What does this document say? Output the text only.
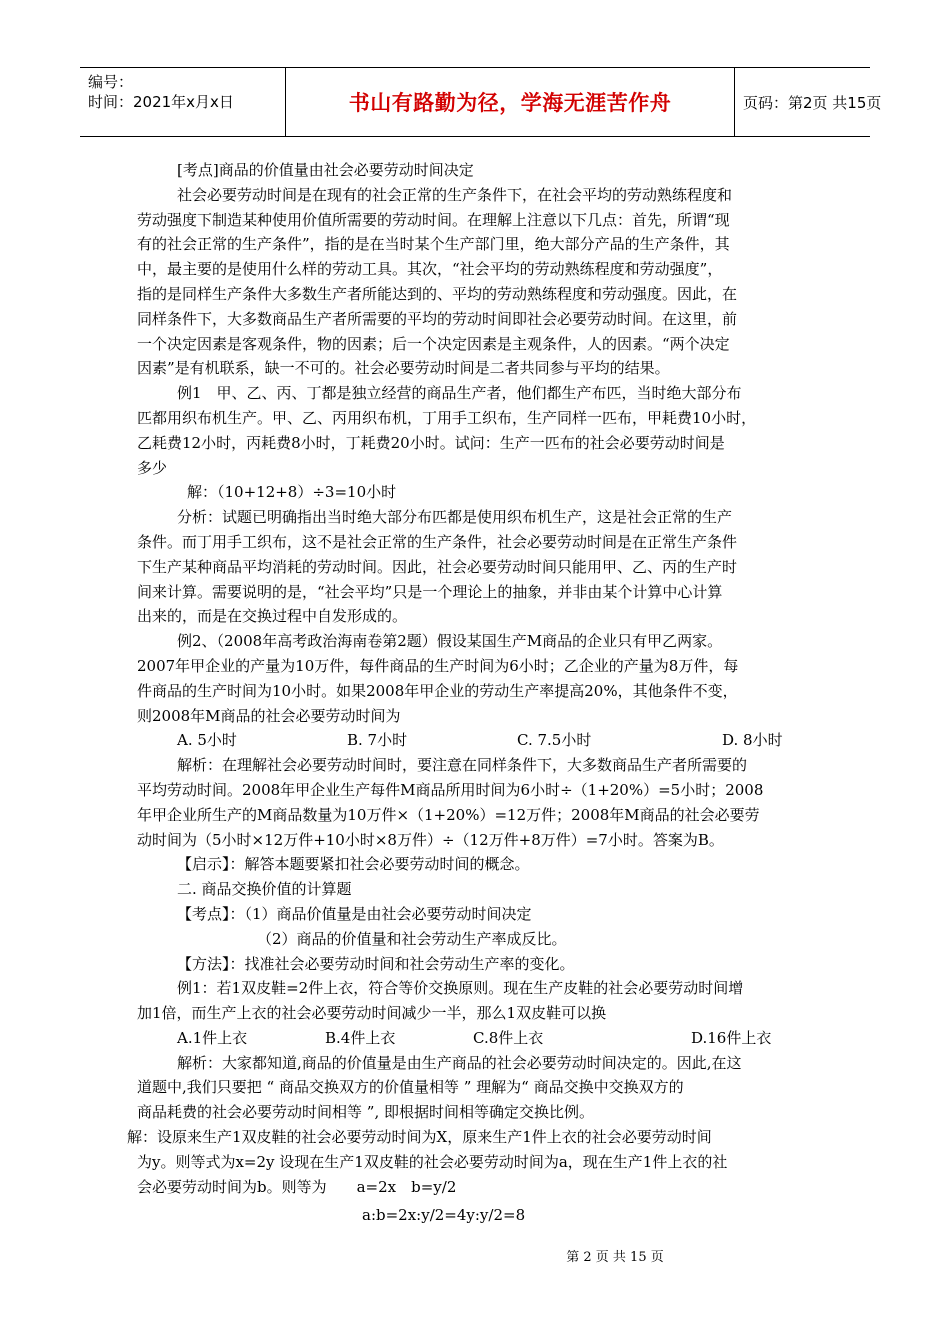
编号：
时间：2021年x月x日	书山有路勤为径，学海无涯苦作舟	页码：第2页 共15页
[考点]商品的价值量由社会必要劳动时间决定
社会必要劳动时间是在现有的社会正常的生产条件下，在社会平均的劳动熟练程度和
劳动强度下制造某种使用价值所需要的劳动时间。在理解上注意以下几点：首先，所谓“现
有的社会正常的生产条件”，指的是在当时某个生产部门里，绝大部分产品的生产条件，其
中，最主要的是使用什么样的劳动工具。其次，“社会平均的劳动熟练程度和劳动强度”，
指的是同样生产条件大多数生产者所能达到的、平均的劳动熟练程度和劳动强度。因此，在
同样条件下，大多数商品生产者所需要的平均的劳动时间即社会必要劳动时间。在这里，前
一个决定因素是客观条件，物的因素；后一个决定因素是主观条件，人的因素。“两个决定
因素”是有机联系，缺一不可的。社会必要劳动时间是二者共同参与平均的结果。
例1　甲、乙、丙、丁都是独立经营的商品生产者，他们都生产布匹，当时绝大部分布
匹都用织布机生产。甲、乙、丙用织布机，丁用手工织布，生产同样一匹布，甲耗费10小时，
乙耗费12小时，丙耗费8小时，丁耗费20小时。试问：生产一匹布的社会必要劳动时间是
多少
解：（10+12+8）÷3=10小时
分析：试题已明确指出当时绝大部分布匹都是使用织布机生产，这是社会正常的生产
条件。而丁用手工织布，这不是社会正常的生产条件，社会必要劳动时间是在正常生产条件
下生产某种商品平均消耗的劳动时间。因此，社会必要劳动时间只能用甲、乙、丙的生产时
间来计算。需要说明的是，“社会平均”只是一个理论上的抽象，并非由某个计算中心计算
出来的，而是在交换过程中自发形成的。
例2、（2008年高考政治海南卷第2题）假设某国生产M商品的企业只有甲乙两家。
2007年甲企业的产量为10万件，每件商品的生产时间为6小时；乙企业的产量为8万件，每
件商品的生产时间为10小时。如果2008年甲企业的劳动生产率提高20%，其他条件不变，
则2008年M商品的社会必要劳动时间为
A. 5小时	B. 7小时	C. 7.5小时	D. 8小时
解析：在理解社会必要劳动时间时，要注意在同样条件下，大多数商品生产者所需要的
平均劳动时间。2008年甲企业生产每件M商品所用时间为6小时÷（1+20%）=5小时；2008
年甲企业所生产的M商品数量为10万件×（1+20%）=12万件；2008年M商品的社会必要劳
动时间为（5小时×12万件+10小时×8万件）÷（12万件+8万件）=7小时。答案为B。
【启示】：解答本题要紧扣社会必要劳动时间的概念。
二. 商品交换价值的计算题
【考点】：（1）商品价值量是由社会必要劳动时间决定
（2）商品的价值量和社会劳动生产率成反比。
【方法】：找准社会必要劳动时间和社会劳动生产率的变化。
例1：若1双皮鞋=2件上衣，符合等价交换原则。现在生产皮鞋的社会必要劳动时间增
加1倍，而生产上衣的社会必要劳动时间减少一半，那么1双皮鞋可以换
A.1件上衣	B.4件上衣	C.8件上衣	D.16件上衣
解析：大家都知道,商品的价值量是由生产商品的社会必要劳动时间决定的。因此,在这
道题中,我们只要把 “ 商品交换双方的价值量相等 ” 理解为“ 商品交换中交换双方的
商品耗费的社会必要劳动时间相等 ”, 即根据时间相等确定交换比例。
解：设原来生产1双皮鞋的社会必要劳动时间为X，原来生产1件上衣的社会必要劳动时间
为y。则等式为x=2y 设现在生产1双皮鞋的社会必要劳动时间为a，现在生产1件上衣的社
会必要劳动时间为b。则等为　　a=2x　b=y/2
a:b=2x:y/2=4y:y/2=8
第 2 页 共 15 页
